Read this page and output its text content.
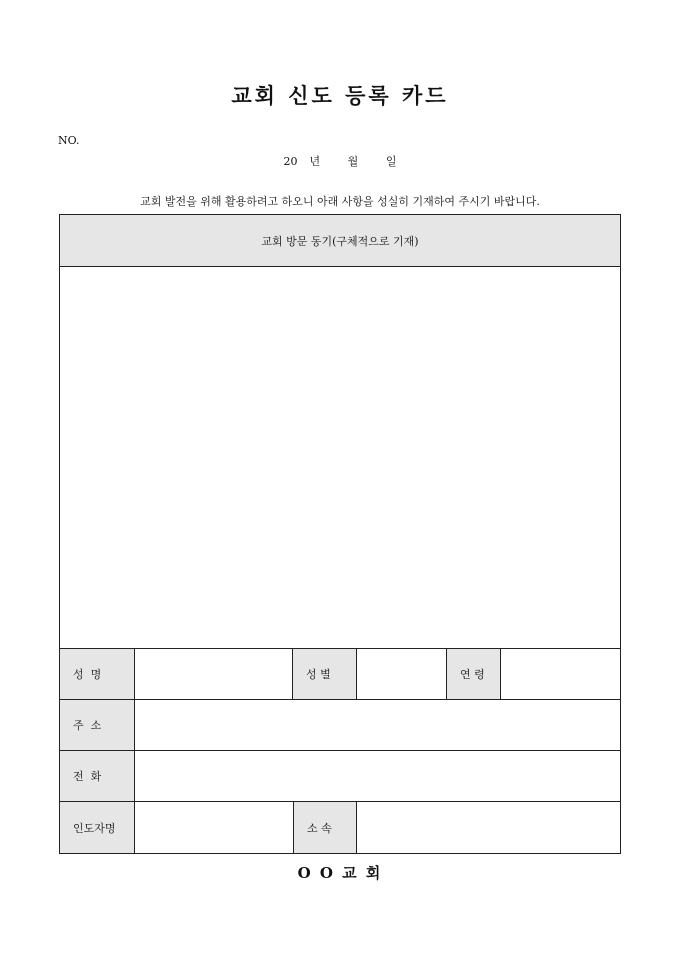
교회 신도 등록 카드
NO.
20 년	월	일
교회 발전을 위해 활용하려고 하오니 아래 사항을 성실히 기재하여 주시기 바랍니다.
교회 방문 동기(구체적으로 기재)
성  명	성 별	연 령
주  소
전  화
인도자명	소 속
O O 교 회
